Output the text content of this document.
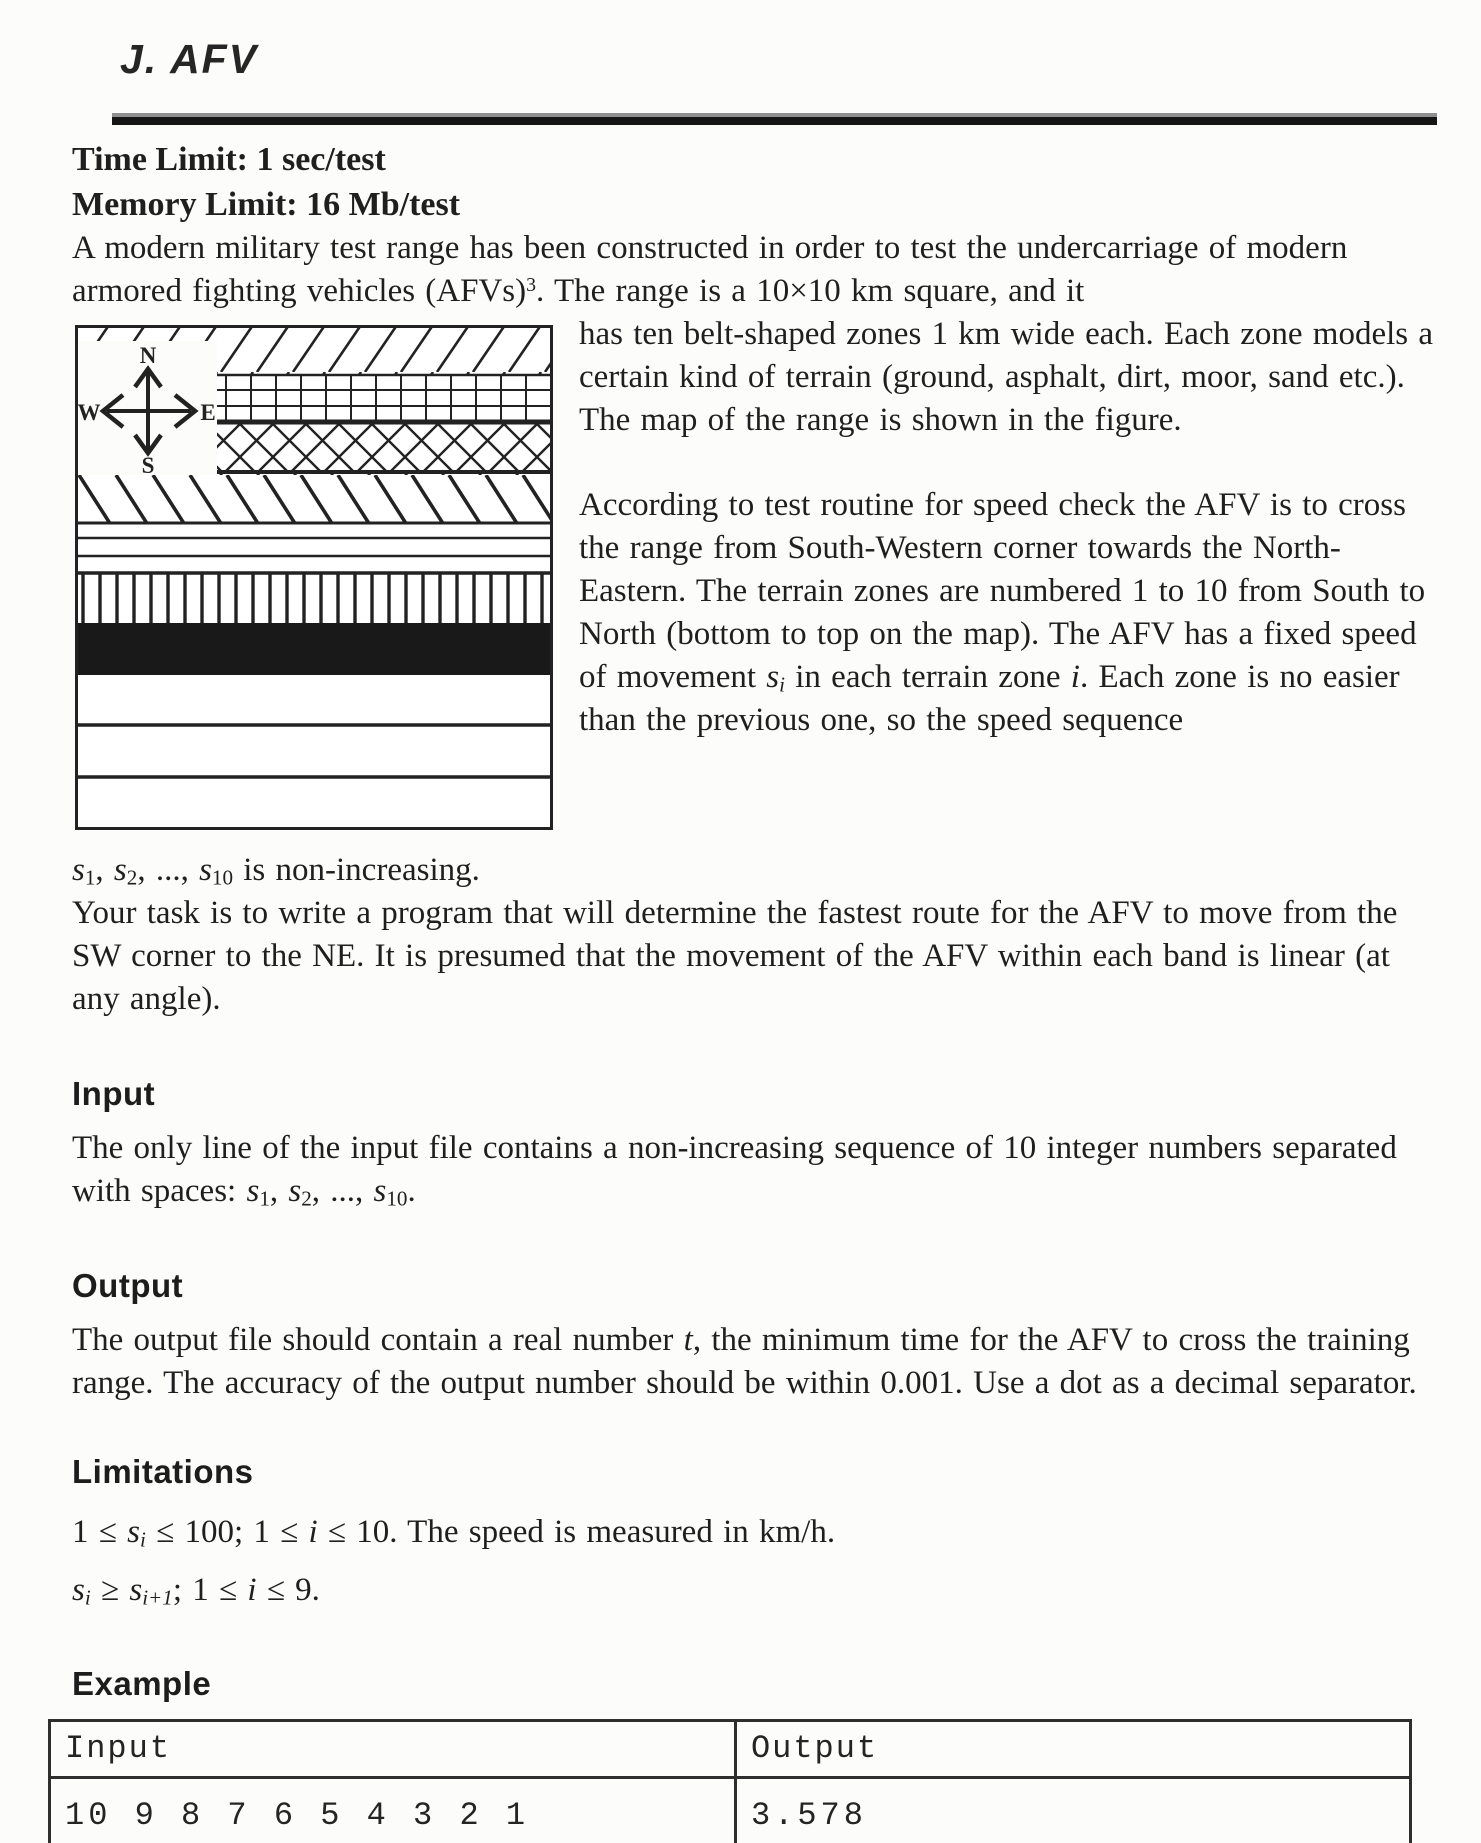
J. AFV

Time Limit: 1 sec/test

Memory Limit: 16 Mb/test

A modern military test range has been constructed in order to test the undercarriage of modern armored fighting vehicles (AFVs)$^3$. The range is a 10×10 km square, and it

N
W	E
S

has ten belt-shaped zones 1 km wide each. Each zone models a certain kind of terrain (ground, asphalt, dirt, moor, sand etc.). The map of the range is shown in the figure.

According to test routine for speed check the AFV is to cross the range from South-Western corner towards the North-Eastern. The terrain zones are numbered 1 to 10 from South to North (bottom to top on the map). The AFV has a fixed speed of movement $s_i$ in each terrain zone i. Each zone is no easier than the previous one, so the speed sequence

$s_1$, $s_2$, ..., $s_{10}$ is non-increasing.

Your task is to write a program that will determine the fastest route for the AFV to move from the SW corner to the NE. It is presumed that the movement of the AFV within each band is linear (at any angle).

Input

The only line of the input file contains a non-increasing sequence of 10 integer numbers separated with spaces: $s_1$, $s_2$, ..., $s_{10}$.

Output

The output file should contain a real number t, the minimum time for the AFV to cross the training range. The accuracy of the output number should be within 0.001. Use a dot as a decimal separator.

Limitations

$1 \le s_i \le 100$; 1 ≤ i ≤ 10. The speed is measured in km/h.

$s_i \ge s_{i+1}$; 1 ≤ i ≤ 9.

Example
Input	Output
10 9 8 7 6 5 4 3 2 1	3.578
